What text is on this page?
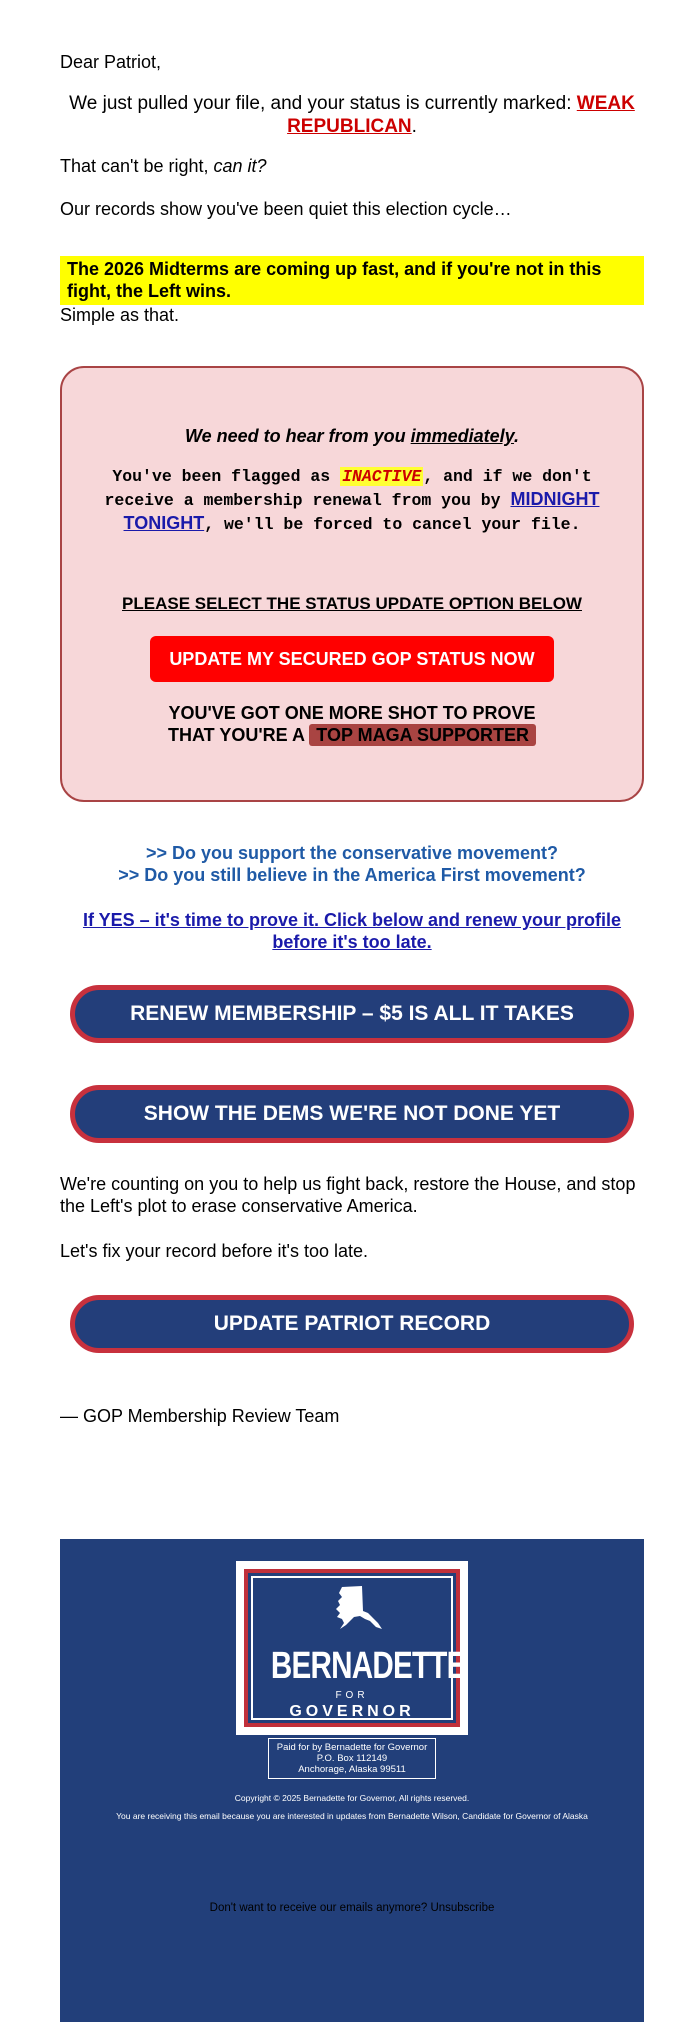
Dear Patriot,

We just pulled your file, and your status is currently marked: WEAK REPUBLICAN.

That can't be right, can it?

Our records show you've been quiet this election cycle…

The 2026 Midterms are coming up fast, and if you're not in this fight, the Left wins.

Simple as that.

We need to hear from you immediately.
You've been flagged as INACTIVE , and if we don't receive a membership renewal from you by MIDNIGHT TONIGHT, we'll be forced to cancel your file.
PLEASE SELECT THE STATUS UPDATE OPTION BELOW
UPDATE MY SECURED GOP STATUS NOW
YOU'VE GOT ONE MORE SHOT TO PROVE
THAT YOU'RE A TOP MAGA SUPPORTER
>> Do you support the conservative movement?
>> Do you still believe in the America First movement?
If YES – it's time to prove it. Click below and renew your profile before it's too late.
RENEW MEMBERSHIP – $5 IS ALL IT TAKES
SHOW THE DEMS WE'RE NOT DONE YET

We're counting on you to help us fight back, restore the House, and stop the Left's plot to erase conservative America.

Let's fix your record before it's too late.

UPDATE PATRIOT RECORD

— GOP Membership Review Team

BERNADETTE
FOR
GOVERNOR
Paid for by Bernadette for Governor
P.O. Box 112149
Anchorage, Alaska 99511
Copyright © 2025 Bernadette for Governor, All rights reserved.
You are receiving this email because you are interested in updates from Bernadette Wilson, Candidate for Governor of Alaska
Don't want to receive our emails anymore? Unsubscribe
